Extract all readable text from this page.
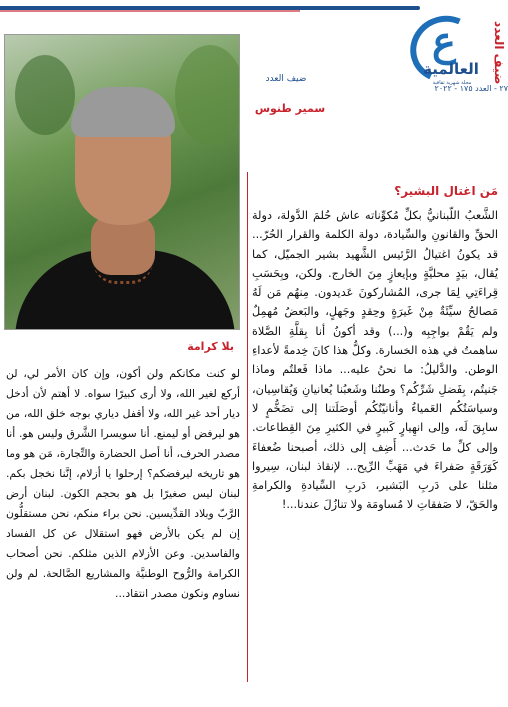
ضيف العدد
ع
العالمية
مجلة شهرية ثقافية
٢٧ - العدد ١٧٥ - ٢٠٢٢
ضيف العدد
سمير طنوس
مَن اغتال البشير؟
الشَّعبُ اللّبنانيُّ بكلِّ مُكوِّناته عاش حُلمَ الدَّولة، دولة الحقِّ والقانونِ والسِّيادة، دولة الكلمة والقرار الحُرّ... قد يكونُ اغتيالُ الرَّئيس الشَّهيد بشير الجميّل، كما يُقال، بيَدٍ محليَّةٍ وبإيعازٍ مِنَ الخارج. ولكن، وبِحَسَبِ قِراءَتِي لِمَا جرى، المُشاركونَ عَديدون. مِنهُم مَن لَهُ مَصالحُ سيِّئَةٌ مِنْ غَيرَةٍ وحِقدٍ وجَهلٍ، والبَعضُ مُهمِلٌ ولم يَقُمْ بواجِبِه و(...) وقد أكونُ أنا بِقلَّةِ الصَّلاة ساهمتُ في هذه الخسارة. وكلُّ هذا كانَ خِدمةً لأعداءِ الوطن. والدَّليلُ: ما نحنُ عليه... ماذا فَعلتُم وماذا جَنيتُم، بِفَضلِ شَرِّكُم؟ وطنُنا وشَعبُنا يُعانيانِ وَيُقاسِيان، وسياسَتُكُم العَمياءُ وأنانيّتُكُم أوصَلَتنا إلى تضَخُّمٍ لا سابِقَ لَه، وإلى انهِيارٍ كَبيرٍ في الكثيرِ مِنَ القِطاعات. وإلى كلِّ ما حَدث... أَضِف إلى ذلك، أصبحنا ضُعفاءَ كَوَرَقَةٍ صَفراءَ في مَهَبِّ الرِّيح... لإنقاذ لبنان، سِيروا مثلنا على دَربِ البَشير، دَربِ السِّيادةِ والكرامةِ والحَقّ، لا صَفقاتِ لا مُساومَة ولا تنازُلَ عندنا...!
بلا كرامة
لو كنت مكانكم ولن أكون، وإن كان الأمر لي، لن أركع لغير الله، ولا أرى كبيرًا سواه. لا أهتم لأن أدخل ديار أحد غير الله، ولا أقفل دياري بوجه خلق الله، من هو ليرفض أو ليمنع. أنا سويسرا الشَّرق وليس هو. أنا مصدر الحرف، أنا أصل الحضارة والتِّجارة، مَن هو وما هو تاريخه ليرفضكم؟ إرحلوا يا أزلام، إنَّنا نخجل بكم. لبنان ليس صغيرًا بل هو بحجم الكون. لبنان أرض الرَّبّ وبلاد القدِّيسين. نحن براء منكم، نحن مستقلُّون إن لم يكن بالأرض فهو استقلال عن كل الفساد والفاسدين. وعن الأزلام الذين مثلكم. نحن أصحاب الكرامة والرُّوح الوطنيَّة والمشاريع الصَّالحة. لم ولن نساوم ونكون مصدر انتقاد...
